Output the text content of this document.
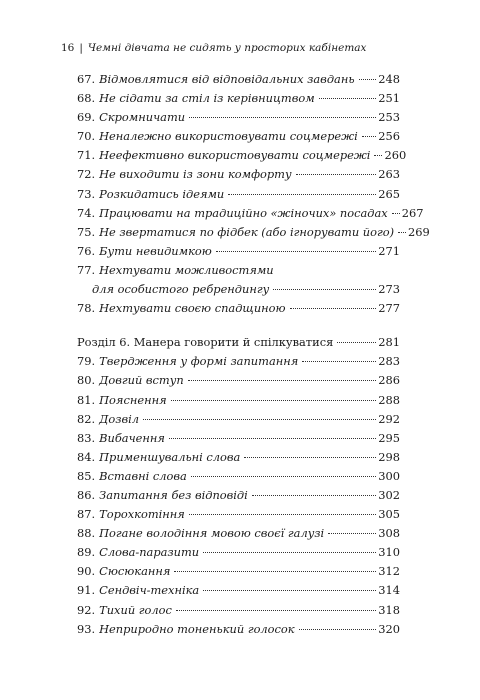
16 | Чемні дівчата не сидять у просторих кабінетах
67. Відмовлятися від відповідальних завдань 248
68. Не сідати за стіл із керівництвом	251
69. Скромничати	253
70. Неналежно використовувати соцмережі 256
71. Неефективно використовувати соцмережі 260
72. Не виходити із зони комфорту	263
73. Розкидатись ідеями	265
74. Працювати на традиційно «жіночих» посадах 267
75. Не звертатися по фідбек (або ігнорувати його) 269
76. Бути невидимкою	271
77. Нехтувати можливостями
для особистого ребрендингу	273
78. Нехтувати своєю спадщиною	277
Розділ 6. Манера говорити й спілкуватися	281
79. Твердження у формі запитання	283
80. Довгий вступ	286
81. Пояснення	288
82. Дозвіл	292
83. Вибачення	295
84. Применшувальні слова	298
85. Вставні слова	300
86. Запитання без відповіді	302
87. Торохкотіння	305
88. Погане володіння мовою своєї галузі	308
89. Слова-паразити	310
90. Сюсюкання	312
91. Сендвіч-техніка	314
92. Тихий голос	318
93. Неприродно тоненький голосок	320
